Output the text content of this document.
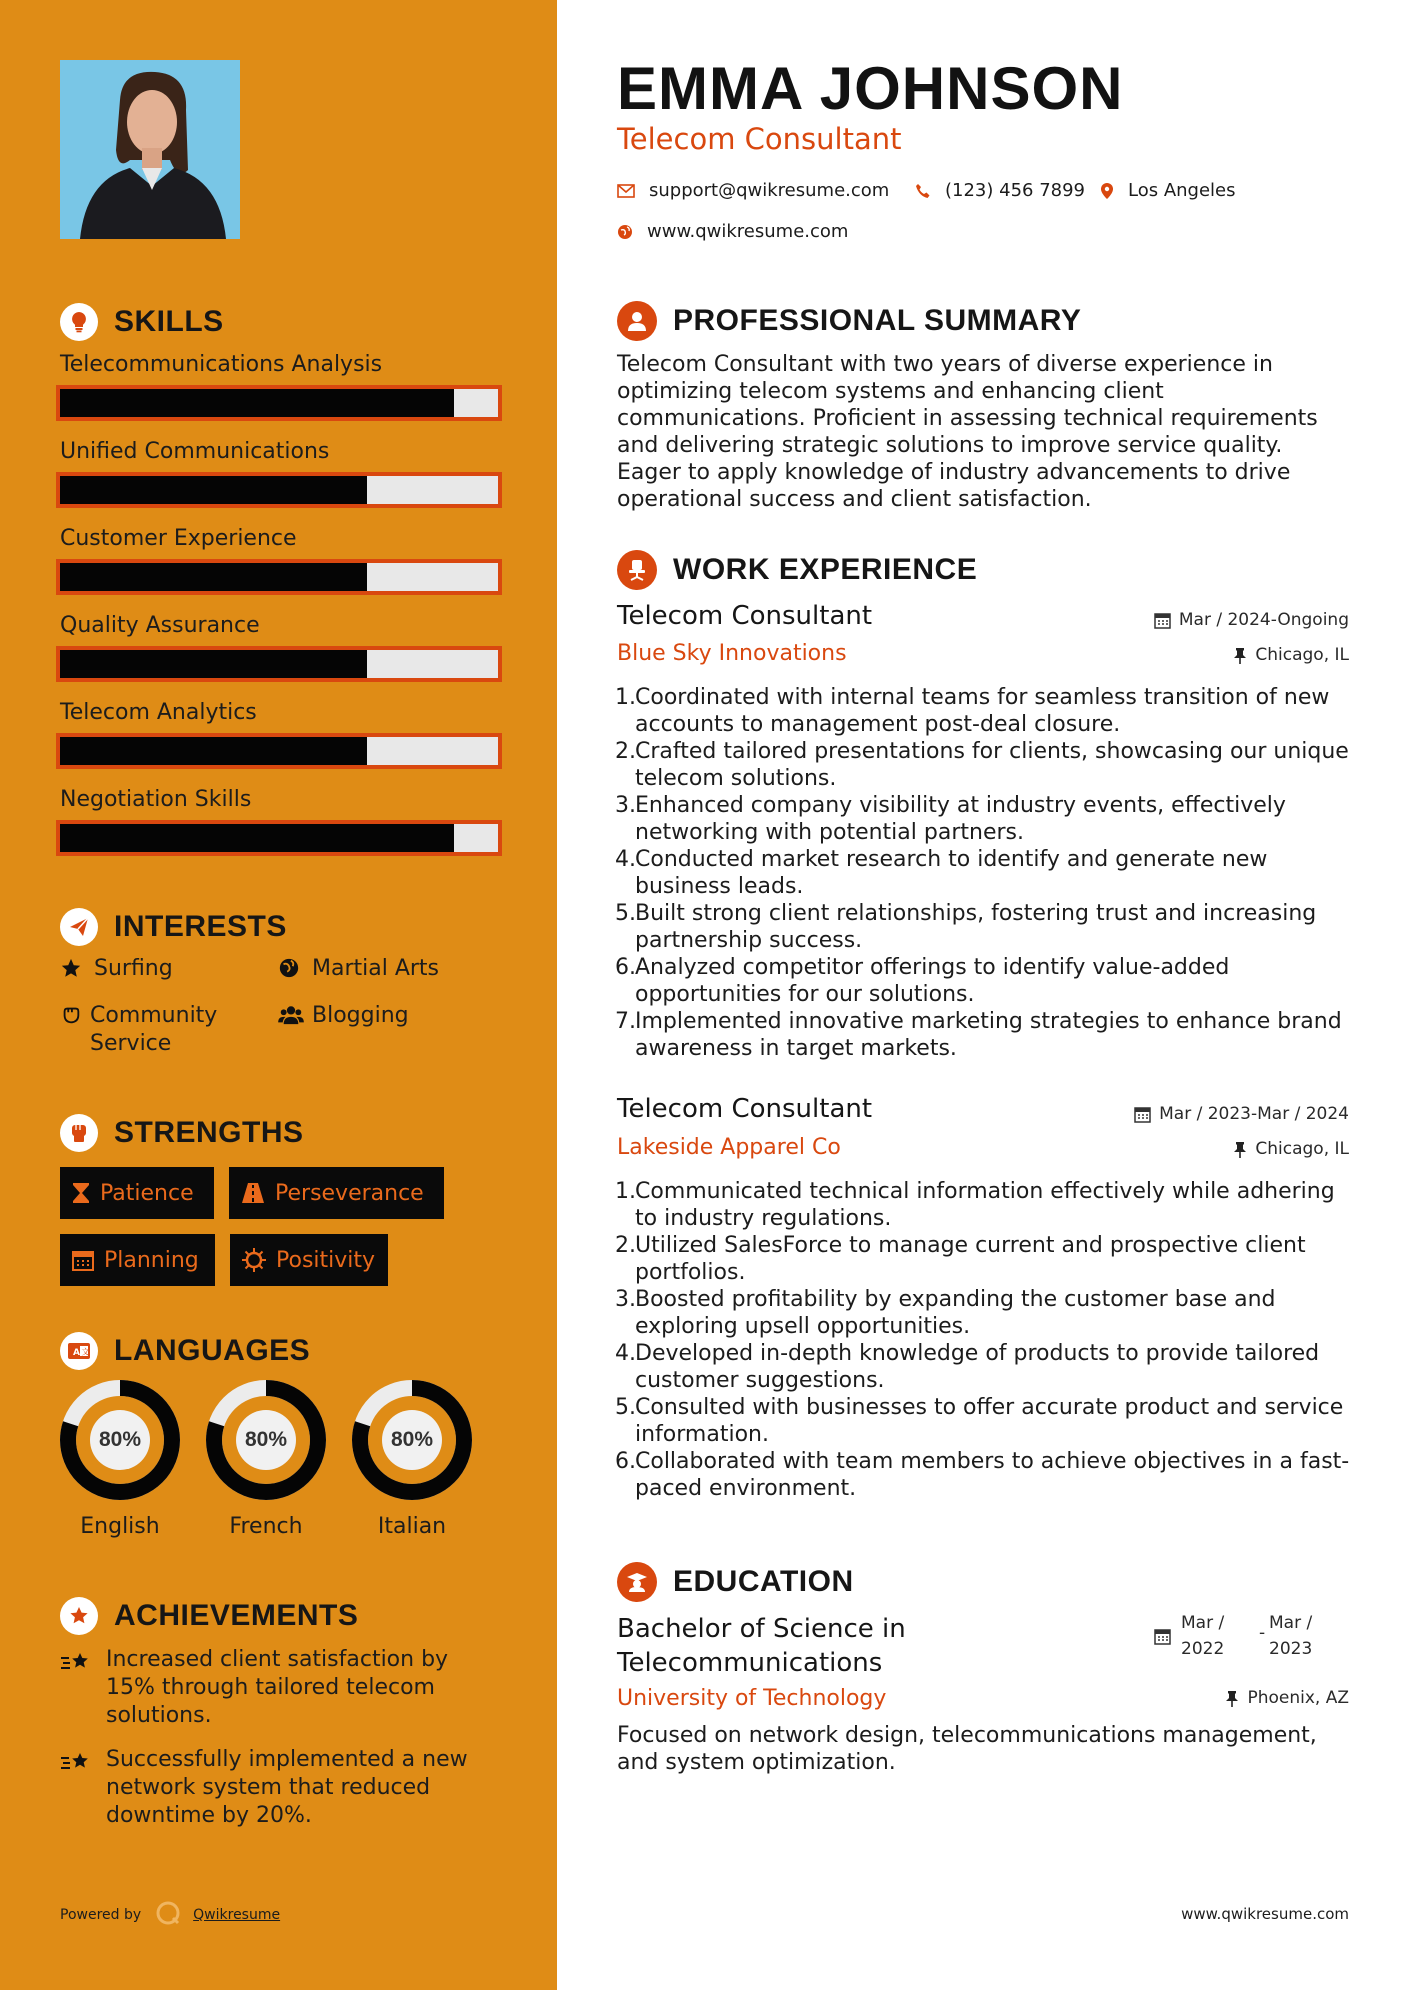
SKILLS
Telecommunications Analysis
Unified Communications
Customer Experience
Quality Assurance
Telecom Analytics
Negotiation Skills
INTERESTS
Surfing	Martial Arts
Community Service
Blogging
STRENGTHS
Patience	Perseverance
Planning	Positivity
A 文 LANGUAGES
80%
English
80%
French
80%
Italian
ACHIEVEMENTS
Increased client satisfaction by 15% through tailored telecom solutions.
Successfully implemented a new network system that reduced downtime by 20%.
Powered by	Qwikresume
EMMA JOHNSON
Telecom Consultant
support@qwikresume.com	(123) 456 7899 Los Angeles
www.qwikresume.com
PROFESSIONAL SUMMARY
Telecom Consultant with two years of diverse experience in optimizing telecom systems and enhancing client communications. Proficient in assessing technical requirements and delivering strategic solutions to improve service quality. Eager to apply knowledge of industry advancements to drive operational success and client satisfaction.
WORK EXPERIENCE
Telecom Consultant	Mar / 2024-Ongoing
Blue Sky Innovations	Chicago, IL
Coordinated with internal teams for seamless transition of new accounts to management post-deal closure.
Crafted tailored presentations for clients, showcasing our unique telecom solutions.
Enhanced company visibility at industry events, effectively networking with potential partners.
Conducted market research to identify and generate new business leads.
Built strong client relationships, fostering trust and increasing partnership success.
Analyzed competitor offerings to identify value-added opportunities for our solutions.
Implemented innovative marketing strategies to enhance brand awareness in target markets.
Telecom Consultant	Mar / 2023-Mar / 2024
Lakeside Apparel Co	Chicago, IL
Communicated technical information effectively while adhering to industry regulations.
Utilized SalesForce to manage current and prospective client portfolios.
Boosted profitability by expanding the customer base and exploring upsell opportunities.
Developed in-depth knowledge of products to provide tailored customer suggestions.
Consulted with businesses to offer accurate product and service information.
Collaborated with team members to achieve objectives in a fast-paced environment.
EDUCATION
Bachelor of Science in Telecommunications
Mar /
2022
- Mar /
2023
University of Technology	Phoenix, AZ
Focused on network design, telecommunications management, and system optimization.
www.qwikresume.com
